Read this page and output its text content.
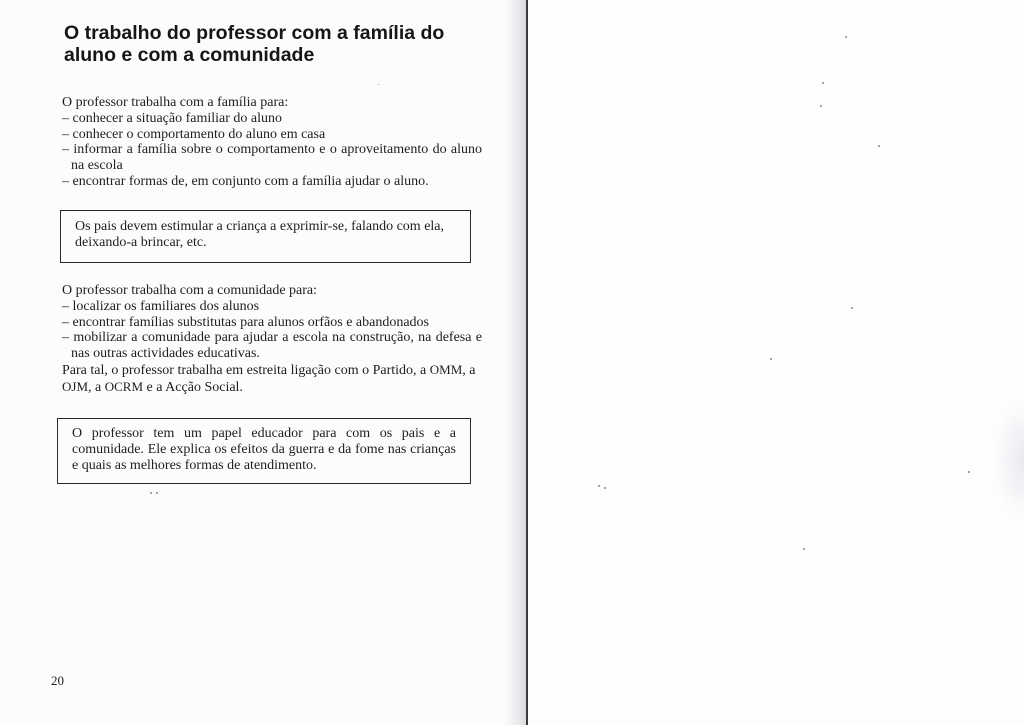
O trabalho do professor com a família do aluno e com a comunidade

O professor trabalha com a família para:

– conhecer a situação familiar do aluno
– conhecer o comportamento do aluno em casa
– informar a família sobre o comportamento e o aproveitamento do aluno na escola
– encontrar formas de, em conjunto com a família ajudar o aluno.

Os pais devem estimular a criança a exprimir-se, falando com ela, deixando-a brincar, etc.

O professor trabalha com a comunidade para:

– localizar os familiares dos alunos
– encontrar famílias substitutas para alunos orfãos e abandonados
– mobilizar a comunidade para ajudar a escola na construção, na defesa e nas outras actividades educativas.

Para tal, o professor trabalha em estreita ligação com o Partido, a OMM, a OJM, a OCRM e a Acção Social.

O professor tem um papel educador para com os pais e a comunidade. Ele explica os efeitos da guerra e da fome nas crianças e quais as melhores formas de atendimento.

20
